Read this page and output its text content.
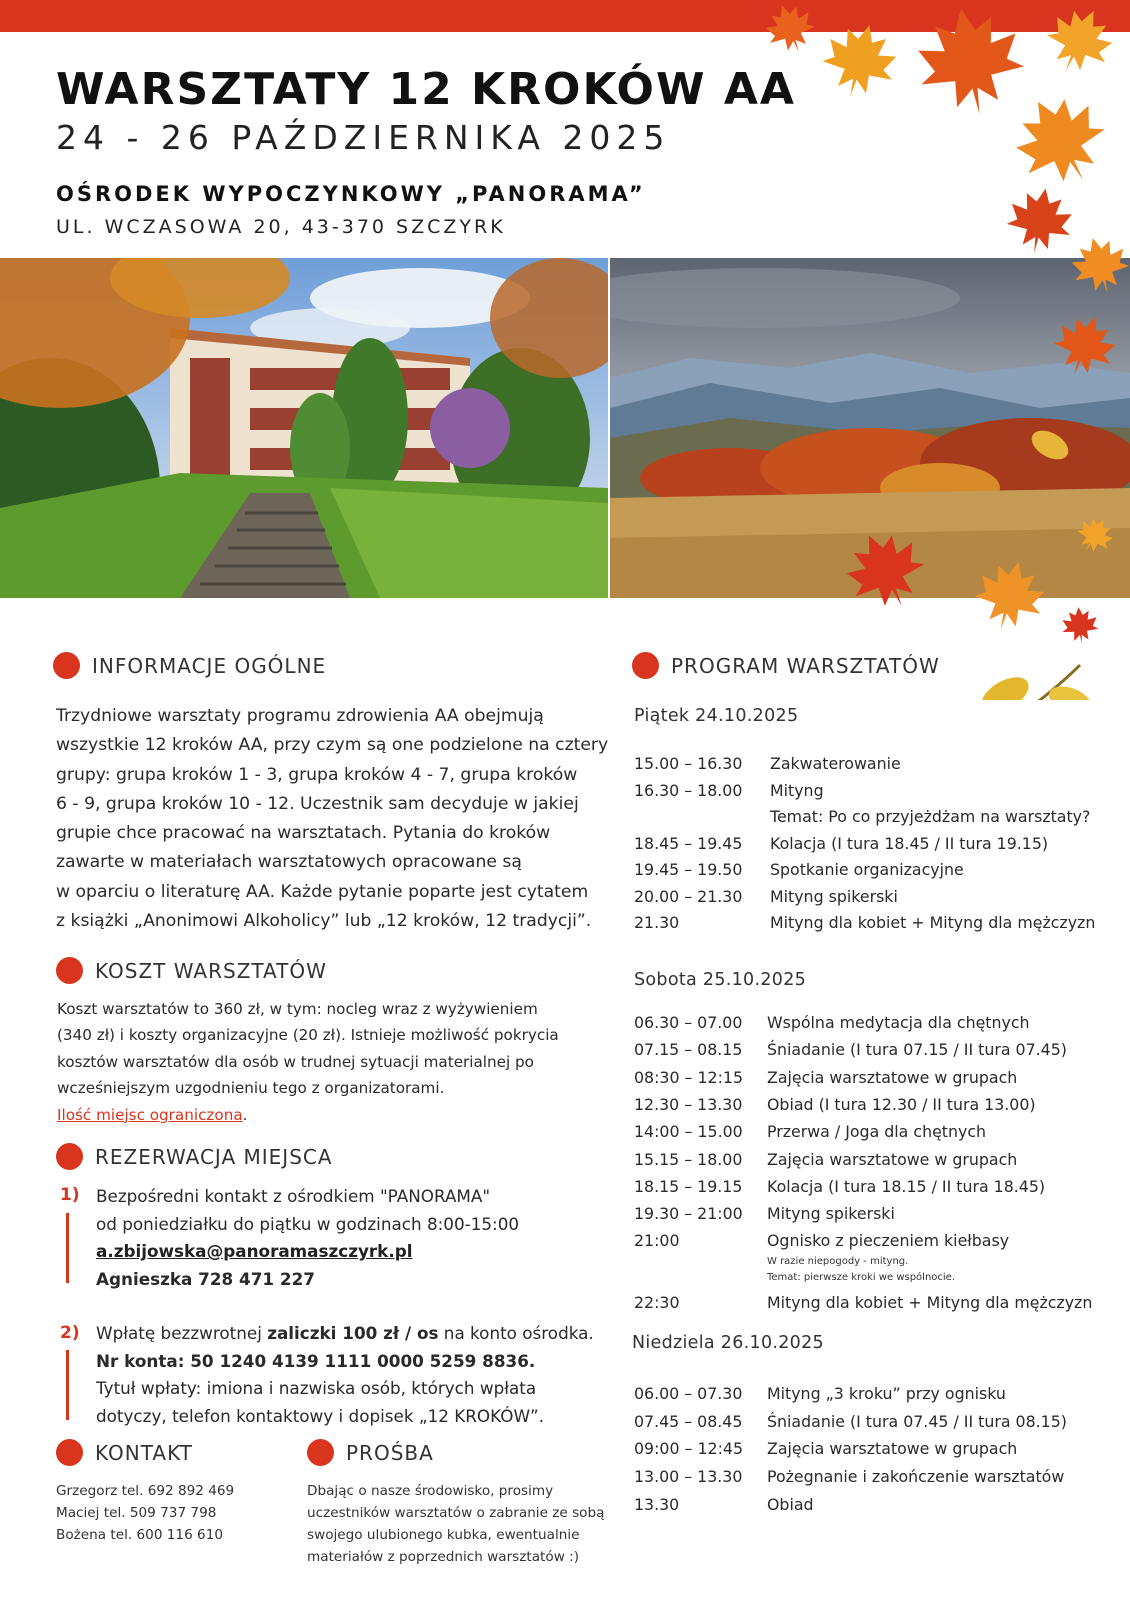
WARSZTATY 12 KROKÓW AA
24 - 26 PAŹDZIERNIKA 2025
OŚRODEK WYPOCZYNKOWY „PANORAMA”
UL. WCZASOWA 20, 43-370 SZCZYRK
INFORMACJE OGÓLNE
Trzydniowe warsztaty programu zdrowienia AA obejmują
wszystkie 12 kroków AA, przy czym są one podzielone na cztery
grupy: grupa kroków 1 - 3, grupa kroków 4 - 7, grupa kroków
6 - 9, grupa kroków 10 - 12. Uczestnik sam decyduje w jakiej
grupie chce pracować na warsztatach. Pytania do kroków
zawarte w materiałach warsztatowych opracowane są
w oparciu o literaturę AA. Każde pytanie poparte jest cytatem
z książki „Anonimowi Alkoholicy” lub „12 kroków, 12 tradycji”.
KOSZT WARSZTATÓW
Koszt warsztatów to 360 zł, w tym: nocleg wraz z wyżywieniem
(340 zł) i koszty organizacyjne (20 zł). Istnieje możliwość pokrycia
kosztów warsztatów dla osób w trudnej sytuacji materialnej po
wcześniejszym uzgodnieniu tego z organizatorami.
Ilość miejsc ograniczona.
REZERWACJA MIEJSCA
1) Bezpośredni kontakt z ośrodkiem "PANORAMA"
od poniedziałku do piątku w godzinach 8:00-15:00
a.zbijowska@panoramaszczyrk.pl
Agnieszka 728 471 227
2) Wpłatę bezzwrotnej zaliczki 100 zł / os na konto ośrodka.
Nr konta: 50 1240 4139 1111 0000 5259 8836.
Tytuł wpłaty: imiona i nazwiska osób, których wpłata
dotyczy, telefon kontaktowy i dopisek „12 KROKÓW”.
KONTAKT
Grzegorz tel. 692 892 469
Maciej tel. 509 737 798
Bożena tel. 600 116 610
PROŚBA
Dbając o nasze środowisko, prosimy
uczestników warsztatów o zabranie ze sobą
swojego ulubionego kubka, ewentualnie
materiałów z poprzednich warsztatów :)
PROGRAM WARSZTATÓW
Piątek 24.10.2025
15.00 – 16.30 Zakwaterowanie
16.30 – 18.00 Mityng
Temat: Po co przyjeżdżam na warsztaty?
18.45 – 19.45 Kolacja (I tura 18.45 / II tura 19.15)
19.45 – 19.50 Spotkanie organizacyjne
20.00 – 21.30 Mityng spikerski
21.30	Mityng dla kobiet + Mityng dla mężczyzn
Sobota 25.10.2025
06.30 – 07.00 Wspólna medytacja dla chętnych
07.15 – 08.15 Śniadanie (I tura 07.15 / II tura 07.45)
08:30 – 12:15 Zajęcia warsztatowe w grupach
12.30 – 13.30 Obiad (I tura 12.30 / II tura 13.00)
14:00 – 15.00 Przerwa / Joga dla chętnych
15.15 – 18.00 Zajęcia warsztatowe w grupach
18.15 – 19.15 Kolacja (I tura 18.15 / II tura 18.45)
19.30 – 21:00 Mityng spikerski
21:00	Ognisko z pieczeniem kiełbasy
W razie niepogody - mityng.
Temat: pierwsze kroki we wspólnocie.
22:30	Mityng dla kobiet + Mityng dla mężczyzn
Niedziela 26.10.2025
06.00 – 07.30 Mityng „3 kroku” przy ognisku
07.45 – 08.45 Śniadanie (I tura 07.45 / II tura 08.15)
09:00 – 12:45 Zajęcia warsztatowe w grupach
13.00 – 13.30 Pożegnanie i zakończenie warsztatów
13.30	Obiad
